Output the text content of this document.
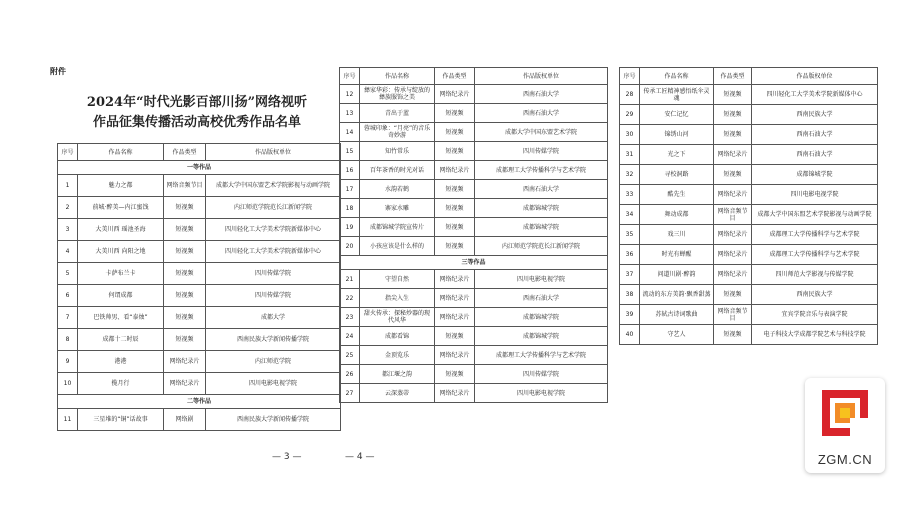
附件
2024年“时代光影百部川扬”网络视听
作品征集传播活动高校优秀作品名单
序号	作品名称	作品类型	作品版权单位
一等作品			
1	魅力之都	网络音频节目	成都大学中国东盟艺术学院影视与动画学院
2	前城·醉美—内江蜜饯	短视频	内江师范学院范长江新闻学院
3	大美川西 瑶池圣海	短视频	四川轻化工大学美术学院新媒体中心
4	大美川西 向阳之地	短视频	四川轻化工大学美术学院新媒体中心
5	卡萨布兰卡	短视频	四川传媒学院
6	何谓成都	短视频	四川传媒学院
7	巴铁帅男、看“泰烛”	短视频	成都大学
8	成都十二时辰	短视频	西南民族大学新闻传播学院
9	港港	网络纪录片	内江师范学院
10	揽月行	网络纪录片	四川电影电视学院
二等作品			
11	三星堆的“铜”话故事	网络剧	西南民族大学新闻传播学院
序号	作品名称	作品类型	作品版权单位
12	彝家华彩：传承与绽放的彝族服饰之美	网络纪录片	西南石油大学
13	青出于蓝	短视频	西南石油大学
14	蓉城印象：“月亮”的音乐奇妙游	短视频	成都大学中国东盟艺术学院
15	知竹常乐	短视频	四川传媒学院
16	百年茶香的时光对话	网络纪录片	成都理工大学传播科学与艺术学院
17	水韵若鹤	短视频	西南石油大学
18	寨家水雕	短视频	成都锦城学院
19	成都锦城学院宣传片	短视频	成都锦城学院
20	小孩应该是什么样的	短视频	内江师范学院范长江新闻学院
三等作品			
21	守望自然	网络纪录片	四川电影电视学院
22	指尖入生	网络纪录片	西南石油大学
23	甜火传承：探秘炒器的现代风华	网络纪录片	成都锦城学院
24	成都看锦	短视频	成都锦城学院
25	金顶览乐	网络纪录片	成都理工大学传播科学与艺术学院
26	都江堰之韵	短视频	四川传媒学院
27	云深蒸蒂	网络纪录片	四川电影电视学院
序号	作品名称	作品类型	作品版权单位
28	传承工匠精神感悟纸伞灵魂	短视频	四川轻化工大学美术学院新媒体中心
29	安仁记忆	短视频	西南民族大学
30	锦绣山河	短视频	西南石油大学
31	光之下	网络纪录片	西南石油大学
32	寻校洞路	短视频	成都锦城学院
33	酷先生	网络纪录片	四川电影电视学院
34	舞动成都	网络音频节目	成都大学中国东盟艺术学院影视与动画学院
35	戏三川	网络纪录片	成都理工大学传播科学与艺术学院
36	时光有蝉醒	网络纪录片	成都理工大学传播科学与艺术学院
37	问道川剧·醉韵	网络纪录片	四川师范大学影视与传媒学院
38	流动的东方美韵·飘香甜蒸	短视频	西南民族大学
39	苏轼古诗词歌曲	网络音频节目	宜宾学院音乐与表演学院
40	守艺人	短视频	电子科技大学成都学院艺术与科技学院
— 3 —	— 4 —	ZGM.CN
